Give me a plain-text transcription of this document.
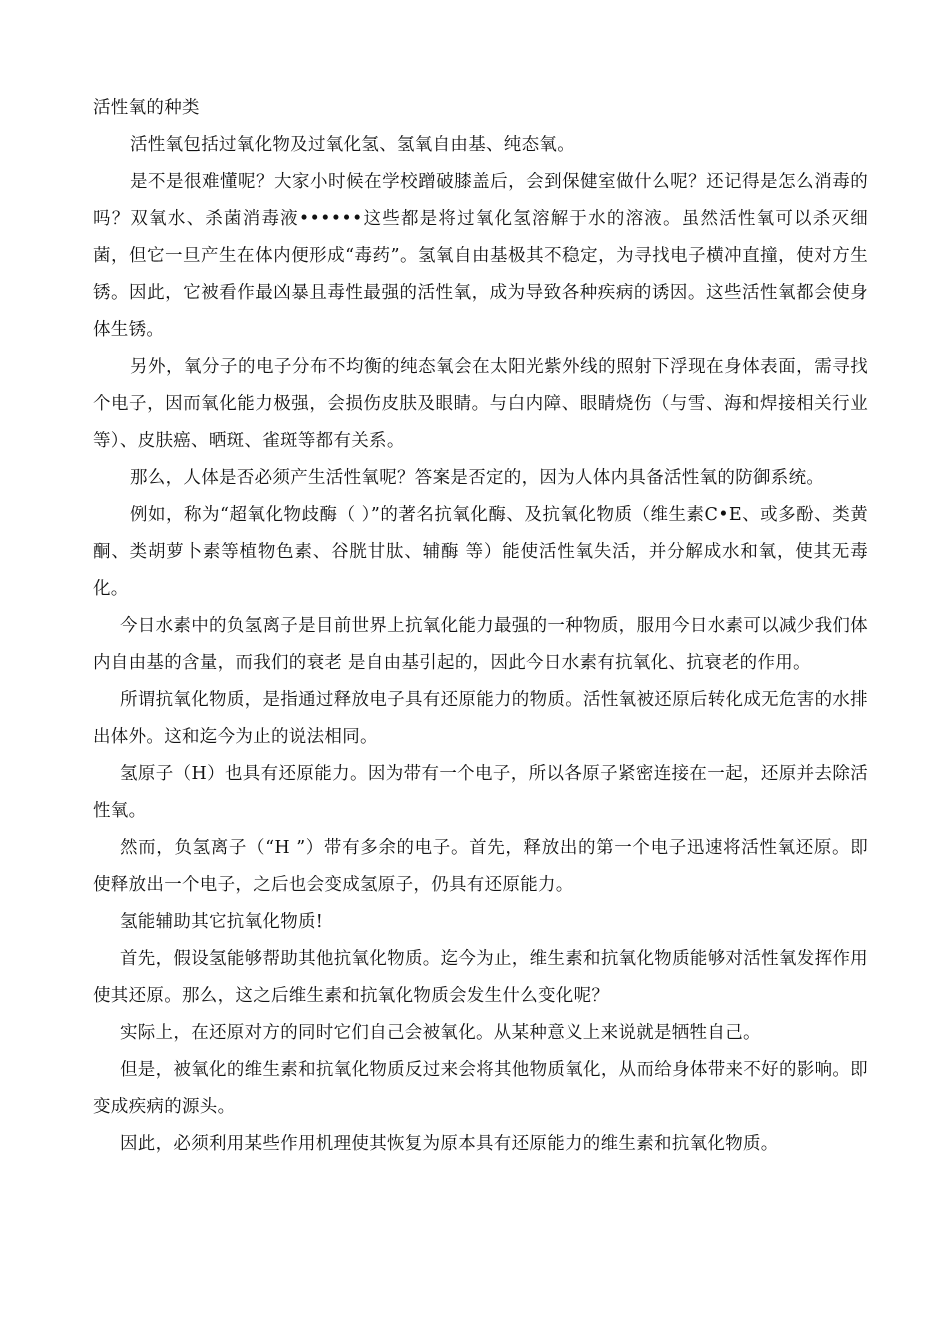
活性氧的种类

活性氧包括过氧化物及过氧化氢、氢氧自由基、纯态氧。

是不是很难懂呢？大家小时候在学校蹭破膝盖后，会到保健室做什么呢？还记得是怎么消毒的吗？双氧水、杀菌消毒液••••••这些都是将过氧化氢溶解于水的溶液。虽然活性氧可以杀灭细菌，但它一旦产生在体内便形成“毒药”。氢氧自由基极其不稳定，为寻找电子横冲直撞，使对方生锈。因此，它被看作最凶暴且毒性最强的活性氧，成为导致各种疾病的诱因。这些活性氧都会使身体生锈。

另外，氧分子的电子分布不均衡的纯态氧会在太阳光紫外线的照射下浮现在身体表面，需寻找 个电子，因而氧化能力极强，会损伤皮肤及眼睛。与白内障、眼睛烧伤（与雪、海和焊接相关行业等）、皮肤癌、晒斑、雀斑等都有关系。

那么，人体是否必须产生活性氧呢？答案是否定的，因为人体内具备活性氧的防御系统。

例如，称为“超氧化物歧酶（ ）”的著名抗氧化酶、及抗氧化物质（维生素C•E、或多酚、类黄酮、类胡萝卜素等植物色素、谷胱甘肽、辅酶 等）能使活性氧失活，并分解成水和氧，使其无毒化。

今日水素中的负氢离子是目前世界上抗氧化能力最强的一种物质，服用今日水素可以减少我们体内自由基的含量，而我们的衰老 是自由基引起的，因此今日水素有抗氧化、抗衰老的作用。

所谓抗氧化物质，是指通过释放电子具有还原能力的物质。活性氧被还原后转化成无危害的水排出体外。这和迄今为止的说法相同。

氢原子（H）也具有还原能力。因为带有一个电子，所以各原子紧密连接在一起，还原并去除活性氧。

然而，负氢离子（“H ”）带有多余的电子。首先，释放出的第一个电子迅速将活性氧还原。即使释放出一个电子，之后也会变成氢原子，仍具有还原能力。

氢能辅助其它抗氧化物质!

首先，假设氢能够帮助其他抗氧化物质。迄今为止，维生素和抗氧化物质能够对活性氧发挥作用使其还原。那么，这之后维生素和抗氧化物质会发生什么变化呢？

实际上，在还原对方的同时它们自己会被氧化。从某种意义上来说就是牺牲自己。

但是，被氧化的维生素和抗氧化物质反过来会将其他物质氧化，从而给身体带来不好的影响。即变成疾病的源头。

因此，必须利用某些作用机理使其恢复为原本具有还原能力的维生素和抗氧化物质。
